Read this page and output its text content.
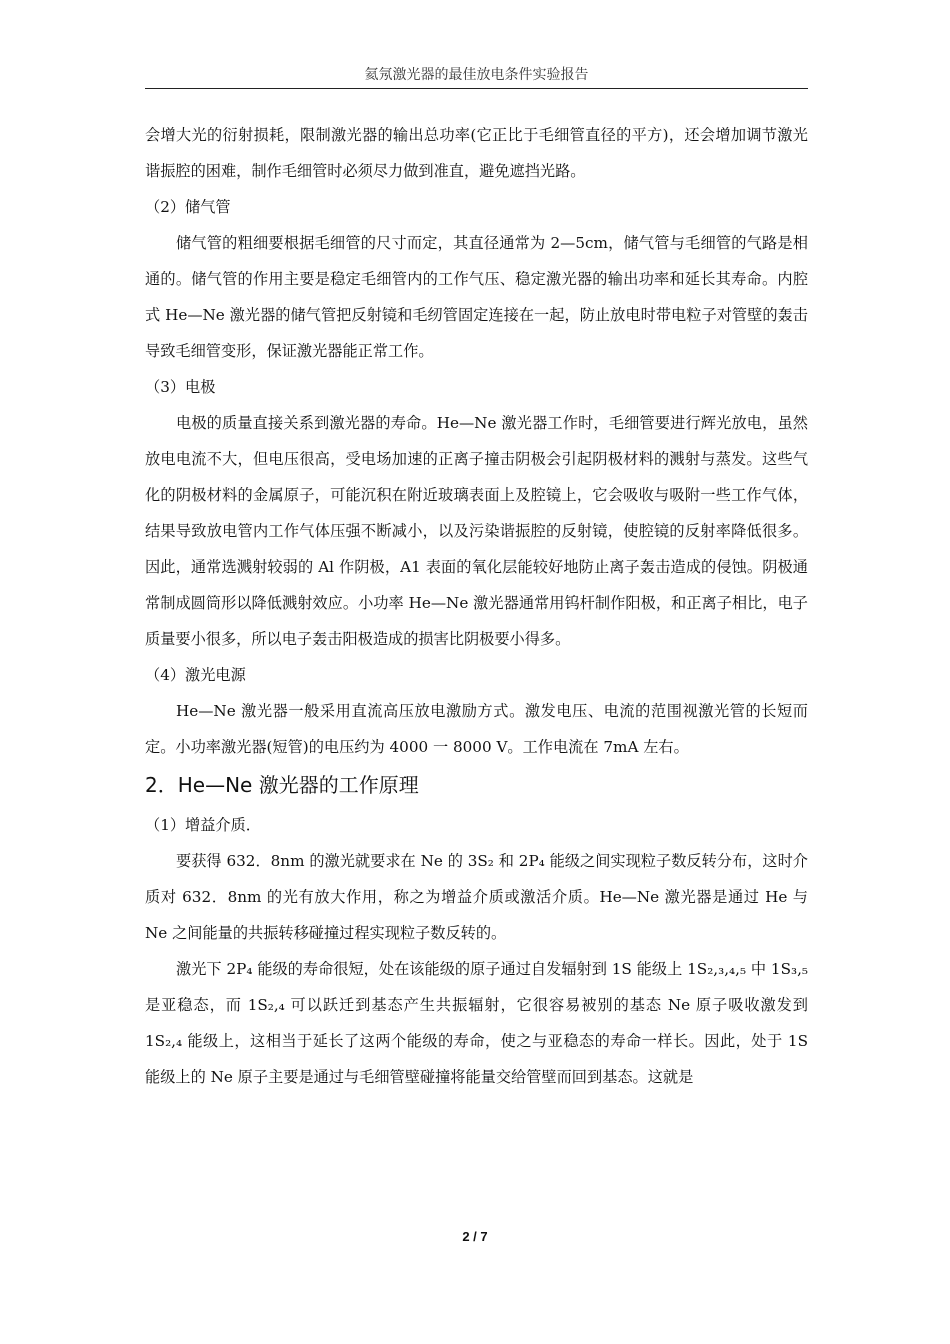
氦氖激光器的最佳放电条件实验报告

会增大光的衍射损耗，限制激光器的输出总功率(它正比于毛细管直径的平方)，还会增加调节激光谐振腔的困难，制作毛细管时必须尽力做到准直，避免遮挡光路。

（2）储气管

储气管的粗细要根据毛细管的尺寸而定，其直径通常为 2—5cm，储气管与毛细管的气路是相通的。储气管的作用主要是稳定毛细管内的工作气压、稳定激光器的输出功率和延长其寿命。内腔式 He—Ne 激光器的储气管把反射镜和毛纫管固定连接在一起，防止放电时带电粒子对管壁的轰击导致毛细管变形，保证激光器能正常工作。

（3）电极

电极的质量直接关系到激光器的寿命。He—Ne 激光器工作时，毛细管要进行辉光放电，虽然放电电流不大，但电压很高，受电场加速的正离子撞击阴极会引起阴极材料的溅射与蒸发。这些气化的阴极材料的金属原子，可能沉积在附近玻璃表面上及腔镜上，它会吸收与吸附一些工作气体，结果导致放电管内工作气体压强不断减小，以及污染谐振腔的反射镜，使腔镜的反射率降低很多。因此，通常选溅射较弱的 Al 作阴极，A1 表面的氧化层能较好地防止离子轰击造成的侵蚀。阴极通常制成圆筒形以降低溅射效应。小功率 He—Ne 激光器通常用钨杆制作阳极，和正离子相比，电子质量要小很多，所以电子轰击阳极造成的损害比阴极要小得多。

（4）激光电源

He—Ne 激光器一般采用直流高压放电激励方式。激发电压、电流的范围视激光管的长短而定。小功率激光器(短管)的电压约为 4000 一 8000 V。工作电流在 7mA 左右。

2．He—Ne 激光器的工作原理

（1）增益介质．

要获得 632．8nm 的激光就要求在 Ne 的 3S₂ 和 2P₄ 能级之间实现粒子数反转分布，这时介质对 632．8nm 的光有放大作用，称之为增益介质或激活介质。He—Ne 激光器是通过 He 与 Ne 之间能量的共振转移碰撞过程实现粒子数反转的。

激光下 2P₄ 能级的寿命很短，处在该能级的原子通过自发辐射到 1S 能级上 1S₂,₃,₄,₅ 中 1S₃,₅ 是亚稳态，而 1S₂,₄ 可以跃迁到基态产生共振辐射，它很容易被别的基态 Ne 原子吸收激发到 1S₂,₄ 能级上，这相当于延长了这两个能级的寿命，使之与亚稳态的寿命一样长。因此，处于 1S 能级上的 Ne 原子主要是通过与毛细管壁碰撞将能量交给管壁而回到基态。这就是

2 / 7
